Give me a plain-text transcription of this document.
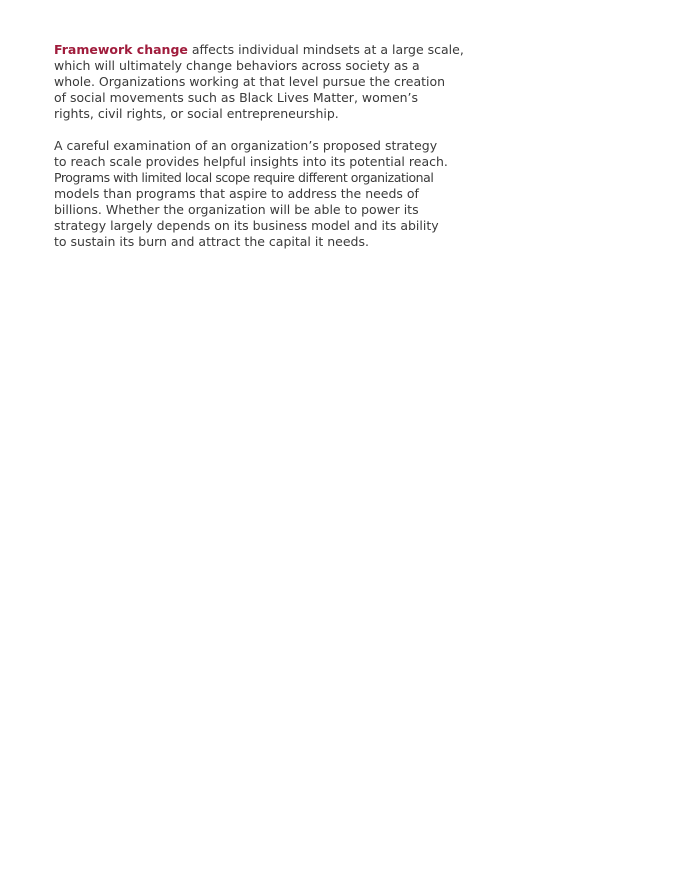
Framework change affects individual mindsets at a large scale,
which will ultimately change behaviors across society as a
whole. Organizations working at that level pursue the creation
of social movements such as Black Lives Matter, women’s
rights, civil rights, or social entrepreneurship.

A careful examination of an organization’s proposed strategy
to reach scale provides helpful insights into its potential reach.
Programs with limited local scope require different organizational
models than programs that aspire to address the needs of
billions. Whether the organization will be able to power its
strategy largely depends on its business model and its ability
to sustain its burn and attract the capital it needs.
